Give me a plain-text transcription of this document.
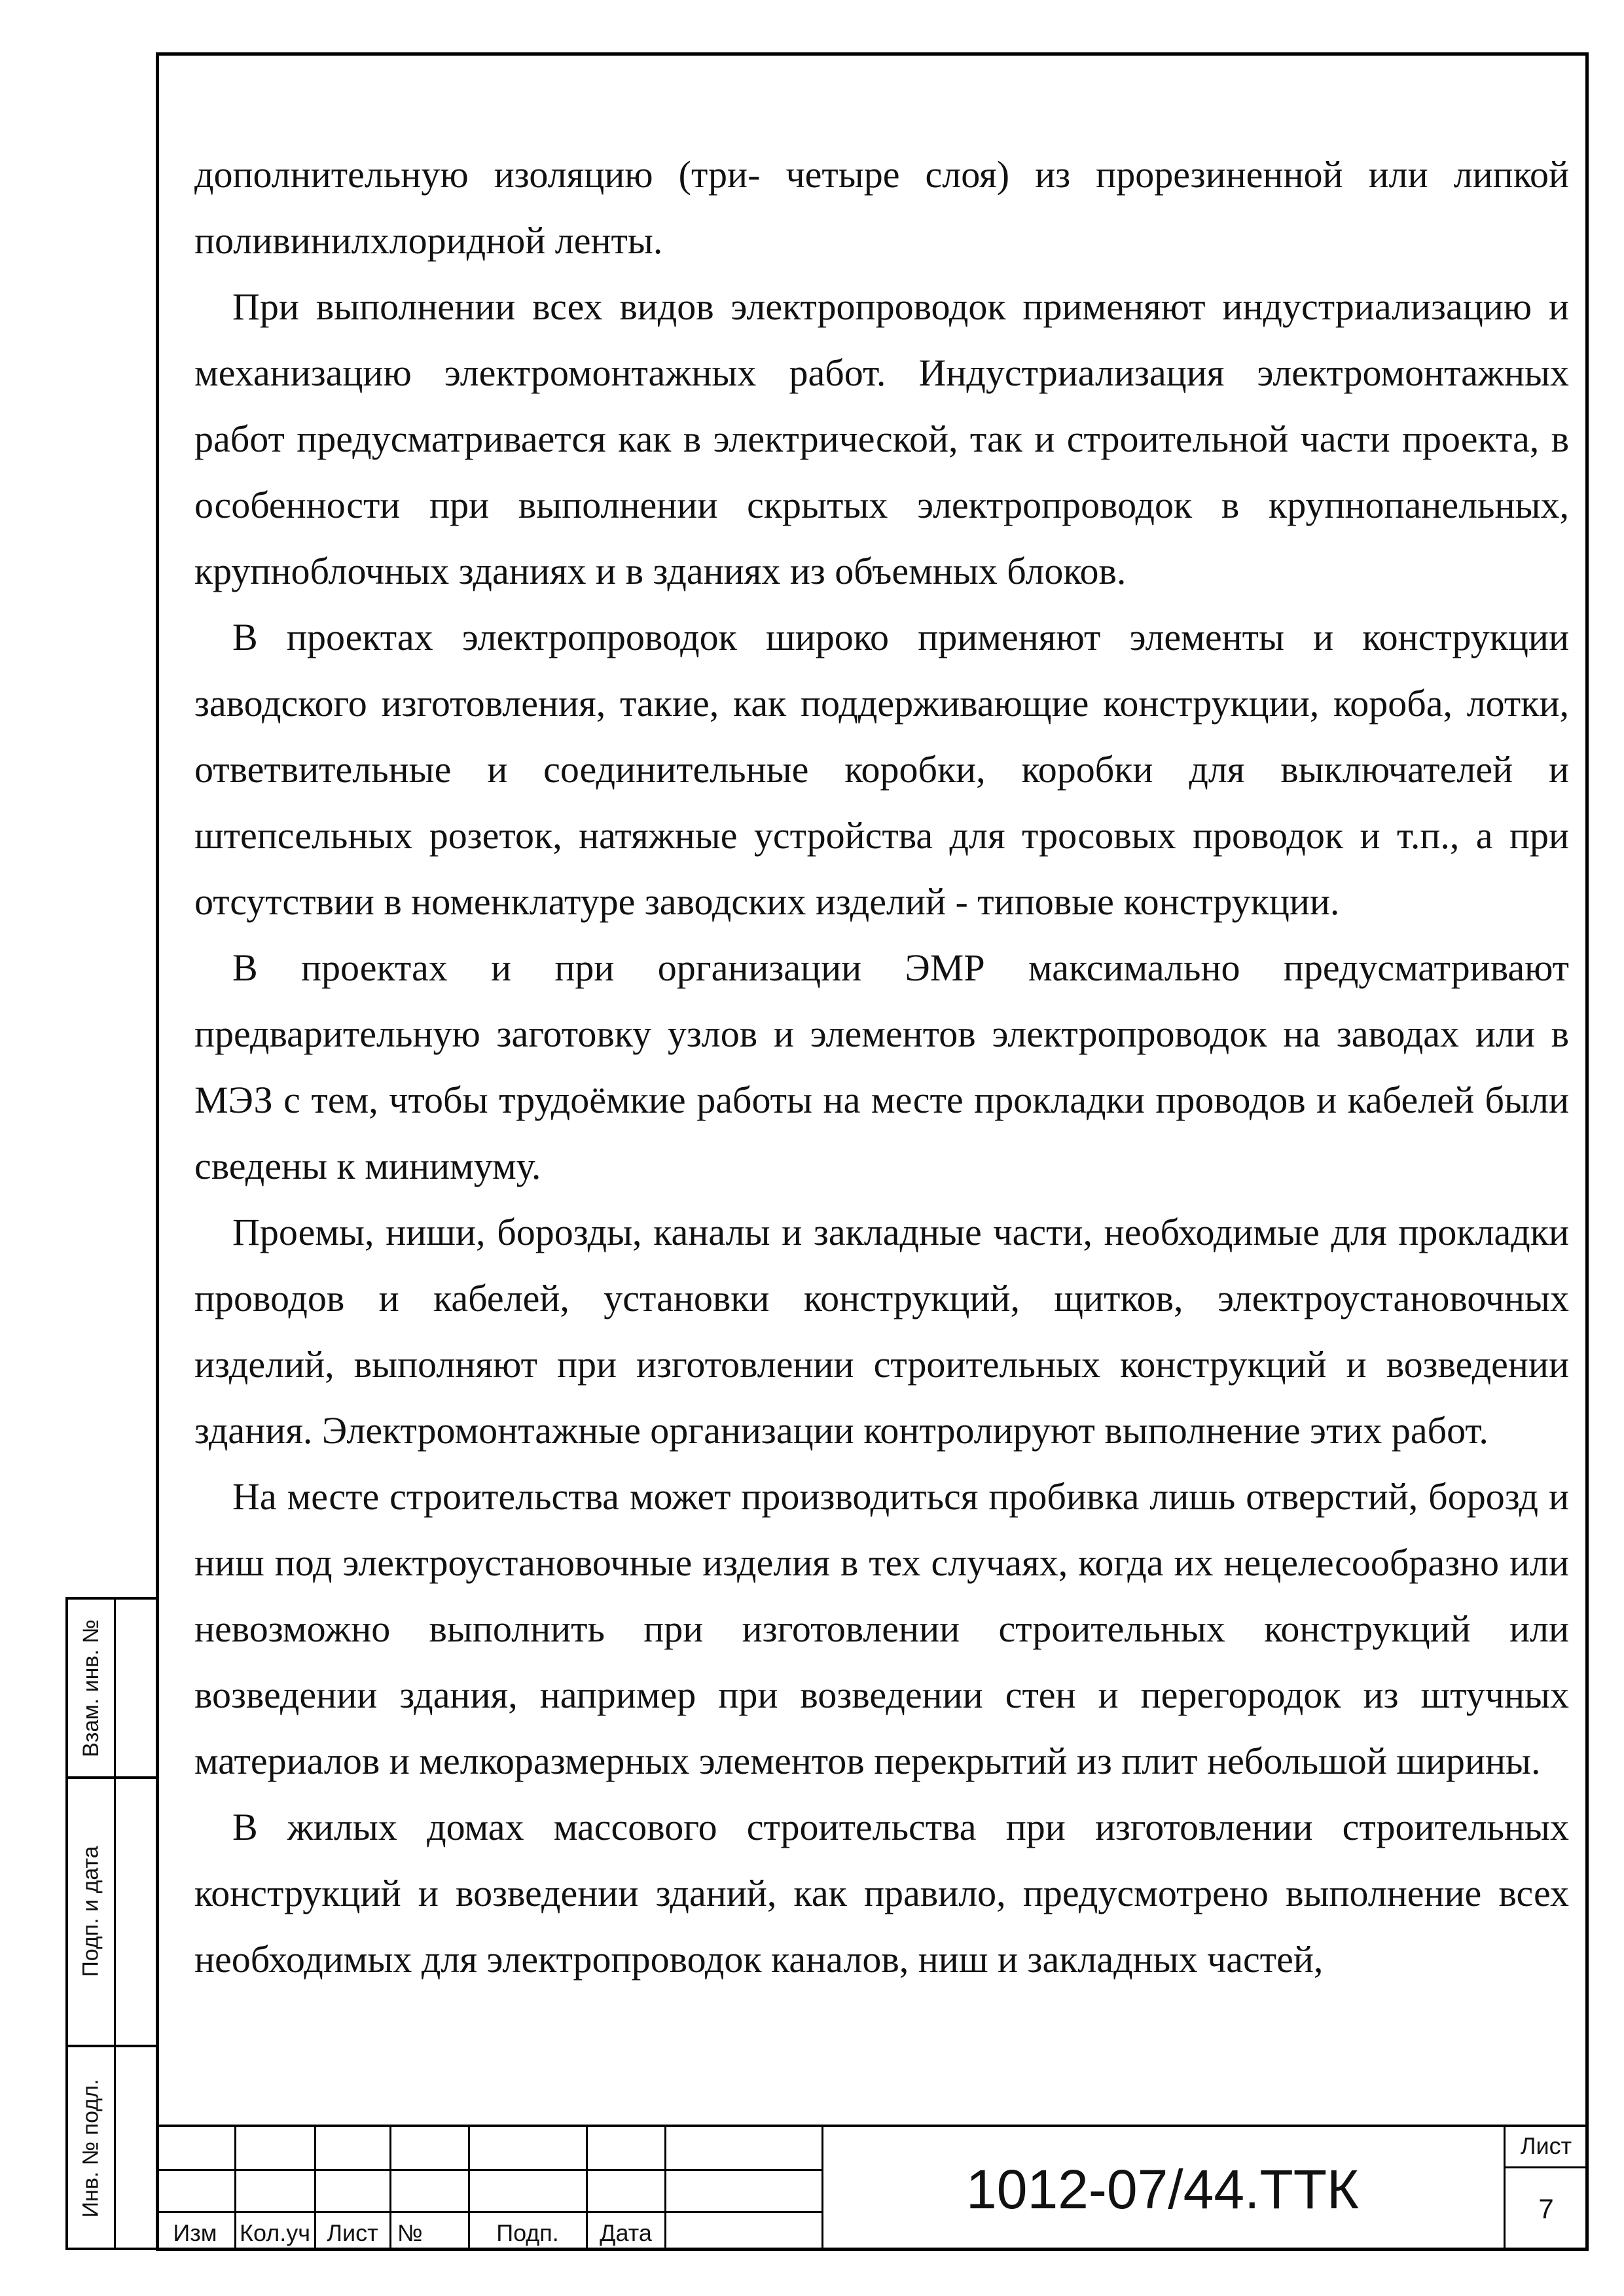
дополнительную изоляцию (три- четыре слоя) из прорезиненной или липкой поливинилхлоридной ленты.

При выполнении всех видов электропроводок применяют индустриализацию и механизацию электромонтажных работ. Индустриализация электромонтажных работ предусматривается как в электрической, так и строительной части проекта, в особенности при выполнении скрытых электропроводок в крупнопанельных, крупноблочных зданиях и в зданиях из объемных блоков.

В проектах электропроводок широко применяют элементы и конструкции заводского изготовления, такие, как поддерживающие конструкции, короба, лотки, ответвительные и соединительные коробки, коробки для выключателей и штепсельных розеток, натяжные устройства для тросовых проводок и т.п., а при отсутствии в номенклатуре заводских изделий - типовые конструкции.

В проектах и при организации ЭМР максимально предусматривают предварительную заготовку узлов и элементов электропроводок на заводах или в МЭЗ с тем, чтобы трудоёмкие работы на месте прокладки проводов и кабелей были сведены к минимуму.

Проемы, ниши, борозды, каналы и закладные части, необходимые для прокладки проводов и кабелей, установки конструкций, щитков, электроустановочных изделий, выполняют при изготовлении строительных конструкций и возведении здания. Электромонтажные организации контролируют выполнение этих работ.

На месте строительства может производиться пробивка лишь отверстий, борозд и ниш под электроустановочные изделия в тех случаях, когда их нецелесообразно или невозможно выполнить при изготовлении строительных конструкций или возведении здания, например при возведении стен и перегородок из штучных материалов и мелкоразмерных элементов перекрытий из плит небольшой ширины.

В жилых домах массового строительства при изготовлении строительных конструкций и возведении зданий, как правило, предусмотрено выполнение всех необходимых для электропроводок каналов, ниш и закладных частей,

Взам. инв. №
Подп. и дата
Инв. № подл.
Изм Кол.уч Лист №	Подп.	Дата
1012-07/44.ТТК
Лист
7
